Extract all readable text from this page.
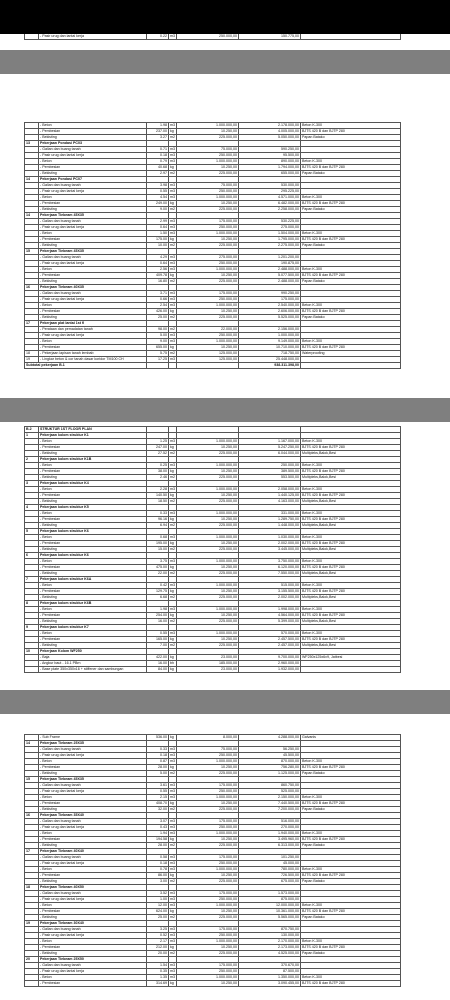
	- Pasir urug dan lantai kerja	0.22	m3	250.000,00	150.775,00	
	- Beton	1.98	m3	1.000.000,00	2.178.000,00	Beton K-300
	- Pembesian	237.00	kg	10.250,00	4.005.000,00	BJTS 420 B dan BJTP 280
	- Bekisting	3.27	m2	225.000,00	5.050.000,00	Papan Batako
13	Pekerjaan Pondasi PC03					
	- Galian dan buang tanah	0.71	m3	75.000,00	590.250,00	
	- Pasir urug dan lantai kerja	0.18	m3	250.000,00	95.500,00	
	- Beton	0.79	m3	1.000.000,00	890.000,00	Beton K-300
	- Pembesian	40.68	kg	10.250,00	1.794.000,00	BJTS 420 B dan BJTP 280
	- Bekisting	2.97	m2	225.000,00	655.000,00	Papan Batako
14	Pekerjaan Pondasi PC07					
	- Galian dan buang tanah	3.98	m3	75.000,00	530.000,00	
	- Pasir urug dan lantai kerja	0.55	m3	250.000,00	295.225,00	
	- Beton	4.54	m3	1.000.000,00	4.571.000,00	Beton K-300
	- Pembesian	249.00	kg	10.250,00	6.482.000,00	BJTS 420 B dan BJTP 280
	- Bekisting	9.00	m2	225.000,00	2.258.000,00	Papan Batako
14	Pekerjaan Tiebeam 45X35					
	- Galian dan buang tanah	2.99	m3	175.000,00	530.225,00	
	- Pasir urug dan lantai kerja	0.64	m3	250.000,00	275.000,00	
	- Beton	1.50	m3	1.000.000,00	1.504.000,00	Beton K-300
	- Pembesian	175.00	kg	10.250,00	1.795.000,00	BJTS 420 B dan BJTP 280
	- Bekisting	10.00	m2	225.000,00	2.275.000,00	Papan Batako
15	Pekerjaan Tiebeam 45X35					
	- Galian dan buang tanah	4.29	m3	275.000,00	1.201.200,00	
	- Pasir urug dan lantai kerja	0.64	m3	250.000,00	190.875,00	
	- Beton	2.56	m3	1.000.000,00	2.488.000,00	Beton K-300
	- Pembesian	409.78	kg	10.250,00	5.077.500,00	BJTS 420 B dan BJTP 280
	- Bekisting	16.80	m2	225.000,00	2.488.000,00	Papan Batako
16	Pekerjaan Tiebeam 40X35					
	- Galian dan buang tanah	3.71	m3	175.000,00	990.250,00	
	- Pasir urug dan lantai kerja	0.66	m3	250.000,00	175.000,00	
	- Beton	2.54	m3	1.000.000,00	2.540.000,00	Beton K-300
	- Pembesian	426.00	kg	10.250,00	2.606.000,00	BJTS 420 B dan BJTP 280
	- Bekisting	25.00	m2	225.000,00	5.525.000,00	Papan Batako
17	Pekerjaan plat lantai 1st fl					
	- Perataan dan pemadatan tanah	98.00	m2	22.000,00	2.156.000,00	
	- Pasir urug dan lantai kerja	5.00	m3	250.000,00	1.000.000,00	
	- Beton	9.00	m3	1.000.000,00	9.149.000,00	Beton K-300
	- Pembesian	655.00	kg	10.250,00	10.710.000,00	BJTS 420 B dan BJTP 280
18	- Pekerjaan lapisan tanah lembab	5.75	m2	125.000,00	718.750,00	Waterproofing
19	- Lingkar beton & cor tanah dasar koridor TM100 CH	17.25	m3	125.000,00	25.448.000,00	
Subtotal pekerjaan B.1					938.311.398,00	
B.2	STRUKTUR 1ST FLOOR PLAN					
1	Pekerjaan kolom struktur K1					
	- Beton	1.25	m3	1.000.000,00	1.167.000,00	Beton K-300
	- Pembesian	247.00	kg	10.250,00	5.247.250,00	BJTS 420 B dan BJTP 280
	- Bekisting	27.52	m2	225.000,00	6.044.000,00	Multipleks,Balok,Besi
2	Pekerjaan kolom struktur K1B					
	- Beton	0.25	m3	1.000.000,00	250.000,00	Beton K-300
	- Pembesian	38.00	kg	10.250,00	389.500,00	BJTS 420 B dan BJTP 280
	- Bekisting	2.46	m2	225.000,00	553.500,00	Multipleks,Balok,Besi
3	Pekerjaan kolom struktur K4					
	- Beton	2.28	m3	1.000.000,00	2.058.000,00	Beton K-300
	- Pembesian	140.50	kg	10.250,00	1.440.125,00	BJTS 420 B dan BJTP 280
	- Bekisting	18.50	m2	225.000,00	4.163.000,00	Multipleks,Balok,Besi
4	Pekerjaan kolom struktur K5					
	- Beton	0.33	m3	1.000.000,00	331.000,00	Beton K-300
	- Pembesian	96.16	kg	10.250,00	1.289.750,00	BJTS 420 B dan BJTP 280
	- Bekisting	6.94	m2	225.000,00	1.448.000,00	Multipleks,Balok,Besi
5	Pekerjaan kolom struktur K6					
	- Beton	0.68	m3	1.000.000,00	1.030.000,00	Beton K-300
	- Pembesian	195.00	kg	10.250,00	2.002.000,00	BJTS 420 B dan BJTP 280
	- Bekisting	15.00	m2	225.000,00	3.445.000,00	Multipleks,Balok,Besi
6	Pekerjaan kolom struktur K6					
	- Beton	3.75	m3	1.000.000,00	3.750.000,00	Beton K-300
	- Pembesian	475.00	kg	10.250,00	6.120.000,00	BJTS 420 B dan BJTP 280
	- Bekisting	22.00	m2	225.000,00	7.550.000,00	Multipleks,Balok,Besi
7	Pekerjaan kolom struktur K6A					
	- Beton	0.42	m3	1.000.000,00	515.000,00	Beton K-300
	- Pembesian	129.75	kg	10.250,00	3.155.500,00	BJTS 420 B dan BJTP 280
	- Bekisting	6.68	m2	225.000,00	2.002.000,00	Multipleks,Balok,Besi
8	Pekerjaan kolom struktur K6B					
	- Beton	1.98	m3	1.000.000,00	1.998.000,00	Beton K-300
	- Pembesian	254.00	kg	10.250,00	4.564.000,00	BJTS 420 B dan BJTP 280
	- Bekisting	16.00	m2	225.000,00	5.399.000,00	Multipleks,Balok,Besi
9	Pekerjaan kolom struktur K7					
	- Beton	0.55	m3	1.000.000,00	570.000,00	Beton K-300
	- Pembesian	165.00	kg	10.250,00	2.457.500,00	BJTS 420 B dan BJTP 280
	- Bekisting	7.00	m2	225.000,00	2.457.000,00	Multipleks,Balok,Besi
10	Pekerjaan Kolom WF250					
	- Baja	422.00	kg	23.000,00	9.700.000,00	WF250x125x6x9, Jatbesi
	- Angkur baut - 16.1 PBrn	16.00	bh	185.000,00	2.960.000,00	
	- Base plate 350x350x16 + stiffener dan sambungan	84.00	kg	23.000,00	1.932.000,00	
	- Sub Frame	536.00	kg	8.000,00	4.288.000,00	Galvanis
14	Pekerjaan Tiebeam 25X35					
	- Galian dan buang tanah	0.33	m3	75.000,00	56.250,00	
	- Pasir urug dan lantai kerja	0.18	m3	250.000,00	45.500,00	
	- Beton	0.87	m3	1.000.000,00	870.000,00	Beton K-300
	- Pembesian	28.00	kg	10.250,00	756.280,00	BJTS 420 B dan BJTP 280
	- Bekisting	5.00	m2	225.000,00	1.125.000,00	Papan Batako
15	Pekerjaan Tiebeam 45X35					
	- Galian dan buang tanah	3.61	m3	175.000,00	860.750,00	
	- Pasir urug dan lantai kerja	0.55	m3	250.000,00	525.000,00	
	- Beton	2.15	m3	1.000.000,00	2.150.000,00	Beton K-300
	- Pembesian	408.70	kg	10.250,00	7.440.500,00	BJTS 420 B dan BJTP 280
	- Bekisting	32.00	m2	225.000,00	7.200.000,00	Papan Batako
16	Pekerjaan Tiebeam 35X40					
	- Galian dan buang tanah	3.07	m3	175.000,00	516.000,00	
	- Pasir urug dan lantai kerja	0.43	m3	250.000,00	270.000,00	
	- Beton	1.94	m3	1.000.000,00	1.940.000,00	Beton K-300
	- Pembesian	194.58	kg	10.250,00	3.495.960,00	BJTS 420 B dan BJTP 280
	- Bekisting	28.00	m2	225.000,00	6.313.000,00	Papan Batako
17	Pekerjaan Tiebeam 40X40					
	- Galian dan buang tanah	0.58	m3	175.000,00	101.250,00	
	- Pasir urug dan lantai kerja	0.18	m3	250.000,00	45.000,00	
	- Beton	0.78	m3	1.000.000,00	780.000,00	Beton K-300
	- Pembesian	86.00	kg	10.250,00	726.500,00	BJTS 420 B dan BJTP 280
	- Bekisting	3.00	m2	225.000,00	675.000,00	Papan Batako
18	Pekerjaan Tiebeam 40X50					
	- Galian dan buang tanah	3.52	m3	175.000,00	1.573.000,00	
	- Pasir urug dan lantai kerja	1.00	m3	250.000,00	875.000,00	
	- Beton	12.00	m3	1.000.000,00	12.000.000,00	Beton K-300
	- Pembesian	624.00	kg	10.250,00	10.361.000,00	BJTS 420 B dan BJTP 280
	- Bekisting	25.00	m2	225.000,00	5.565.000,00	Papan Batako
19	Pekerjaan Tiebeam 30X40					
	- Galian dan buang tanah	3.25	m3	175.000,00	870.750,00	
	- Pasir urug dan lantai kerja	0.52	m3	250.000,00	130.000,00	
	- Beton	2.17	m3	1.000.000,00	2.170.000,00	Beton K-300
	- Pembesian	212.00	kg	10.250,00	2.173.000,00	BJTS 420 B dan BJTP 280
	- Bekisting	20.00	m2	225.000,00	4.525.000,00	Papan Batako
20	Pekerjaan Tiebeam 25X50					
	- Galian dan buang tanah	1.54	m3	175.000,00	370.670,00	
	- Pasir urug dan lantai kerja	0.35	m3	250.000,00	87.500,00	
	- Beton	1.35	m3	1.000.000,00	1.350.000,00	Beton K-300
	- Pembesian	314.69	kg	10.250,00	3.090.455,00	BJTS 420 B dan BJTP 280
